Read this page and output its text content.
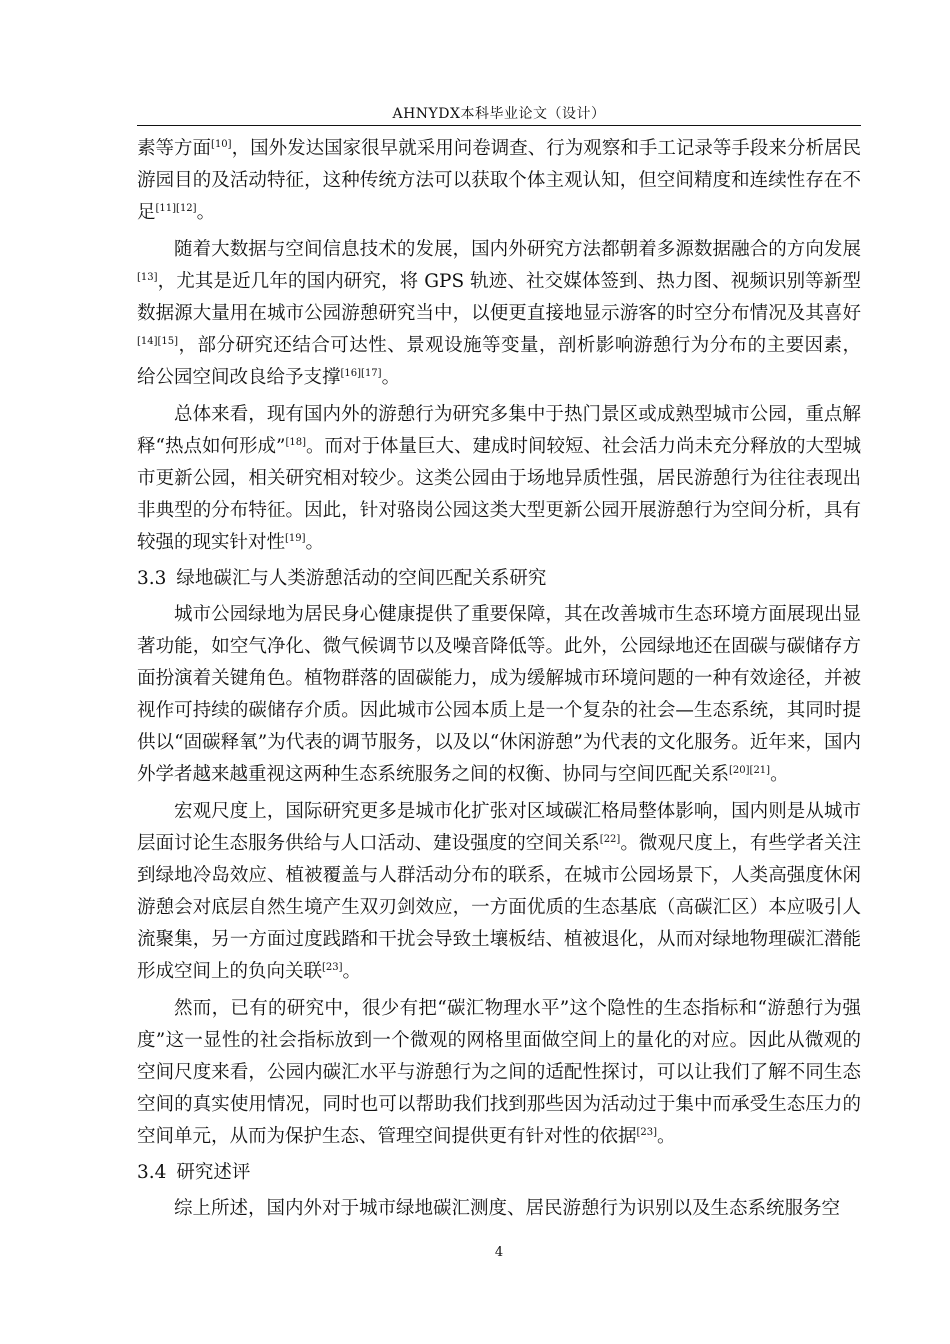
AHNYDX本科毕业论文（设计）

素等方面[10]，国外发达国家很早就采用问卷调查、行为观察和手工记录等手段来分析居民游园目的及活动特征，这种传统方法可以获取个体主观认知，但空间精度和连续性存在不足[11][12]。

随着大数据与空间信息技术的发展，国内外研究方法都朝着多源数据融合的方向发展[13]，尤其是近几年的国内研究，将 GPS 轨迹、社交媒体签到、热力图、视频识别等新型数据源大量用在城市公园游憩研究当中，以便更直接地显示游客的时空分布情况及其喜好[14][15]，部分研究还结合可达性、景观设施等变量，剖析影响游憩行为分布的主要因素，给公园空间改良给予支撑[16][17]。

总体来看，现有国内外的游憩行为研究多集中于热门景区或成熟型城市公园，重点解释“热点如何形成”[18]。而对于体量巨大、建成时间较短、社会活力尚未充分释放的大型城市更新公园，相关研究相对较少。这类公园由于场地异质性强，居民游憩行为往往表现出非典型的分布特征。因此，针对骆岗公园这类大型更新公园开展游憩行为空间分析，具有较强的现实针对性[19]。

3.3 绿地碳汇与人类游憩活动的空间匹配关系研究

城市公园绿地为居民身心健康提供了重要保障，其在改善城市生态环境方面展现出显著功能，如空气净化、微气候调节以及噪音降低等。此外，公园绿地还在固碳与碳储存方面扮演着关键角色。植物群落的固碳能力，成为缓解城市环境问题的一种有效途径，并被视作可持续的碳储存介质。因此城市公园本质上是一个复杂的社会—生态系统，其同时提供以“固碳释氧”为代表的调节服务，以及以“休闲游憩”为代表的文化服务。近年来，国内外学者越来越重视这两种生态系统服务之间的权衡、协同与空间匹配关系[20][21]。

宏观尺度上，国际研究更多是城市化扩张对区域碳汇格局整体影响，国内则是从城市层面讨论生态服务供给与人口活动、建设强度的空间关系[22]。微观尺度上，有些学者关注到绿地冷岛效应、植被覆盖与人群活动分布的联系，在城市公园场景下，人类高强度休闲游憩会对底层自然生境产生双刃剑效应，一方面优质的生态基底（高碳汇区）本应吸引人流聚集，另一方面过度践踏和干扰会导致土壤板结、植被退化，从而对绿地物理碳汇潜能形成空间上的负向关联[23]。

然而，已有的研究中，很少有把“碳汇物理水平”这个隐性的生态指标和“游憩行为强度”这一显性的社会指标放到一个微观的网格里面做空间上的量化的对应。因此从微观的空间尺度来看，公园内碳汇水平与游憩行为之间的适配性探讨，可以让我们了解不同生态空间的真实使用情况，同时也可以帮助我们找到那些因为活动过于集中而承受生态压力的空间单元，从而为保护生态、管理空间提供更有针对性的依据[23]。

3.4 研究述评

综上所述，国内外对于城市绿地碳汇测度、居民游憩行为识别以及生态系统服务空

4
